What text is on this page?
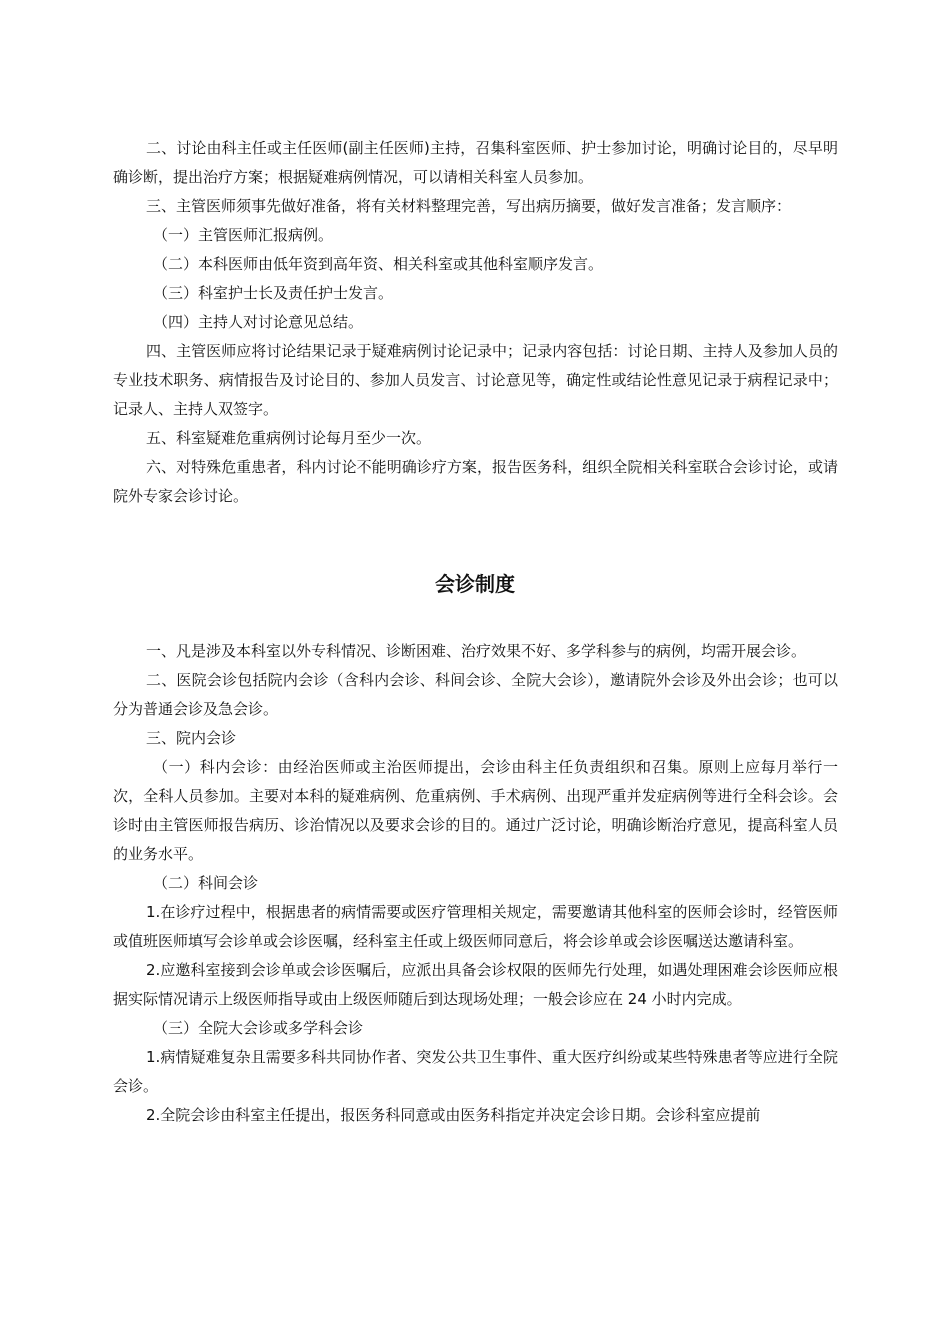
二、讨论由科主任或主任医师(副主任医师)主持，召集科室医师、护士参加讨论，明确讨论目的，尽早明确诊断，提出治疗方案；根据疑难病例情况，可以请相关科室人员参加。

三、主管医师须事先做好准备，将有关材料整理完善，写出病历摘要，做好发言准备；发言顺序：

（一）主管医师汇报病例。

（二）本科医师由低年资到高年资、相关科室或其他科室顺序发言。

（三）科室护士长及责任护士发言。

（四）主持人对讨论意见总结。

四、主管医师应将讨论结果记录于疑难病例讨论记录中；记录内容包括：讨论日期、主持人及参加人员的专业技术职务、病情报告及讨论目的、参加人员发言、讨论意见等，确定性或结论性意见记录于病程记录中； 记录人、主持人双签字。

五、科室疑难危重病例讨论每月至少一次。

六、对特殊危重患者，科内讨论不能明确诊疗方案，报告医务科，组织全院相关科室联合会诊讨论，或请院外专家会诊讨论。

会诊制度

一、凡是涉及本科室以外专科情况、诊断困难、治疗效果不好、多学科参与的病例，均需开展会诊。

二、医院会诊包括院内会诊（含科内会诊、科间会诊、全院大会诊），邀请院外会诊及外出会诊；也可以分为普通会诊及急会诊。

三、院内会诊

（一）科内会诊：由经治医师或主治医师提出，会诊由科主任负责组织和召集。原则上应每月举行一次，全科人员参加。主要对本科的疑难病例、危重病例、手术病例、出现严重并发症病例等进行全科会诊。会诊时由主管医师报告病历、诊治情况以及要求会诊的目的。通过广泛讨论，明确诊断治疗意见，提高科室人员的业务水平。

（二）科间会诊

1.在诊疗过程中，根据患者的病情需要或医疗管理相关规定，需要邀请其他科室的医师会诊时，经管医师或值班医师填写会诊单或会诊医嘱，经科室主任或上级医师同意后，将会诊单或会诊医嘱送达邀请科室。

2.应邀科室接到会诊单或会诊医嘱后，应派出具备会诊权限的医师先行处理，如遇处理困难会诊医师应根据实际情况请示上级医师指导或由上级医师随后到达现场处理；一般会诊应在 24 小时内完成。

（三）全院大会诊或多学科会诊

1.病情疑难复杂且需要多科共同协作者、突发公共卫生事件、重大医疗纠纷或某些特殊患者等应进行全院会诊。

2.全院会诊由科室主任提出，报医务科同意或由医务科指定并决定会诊日期。会诊科室应提前
